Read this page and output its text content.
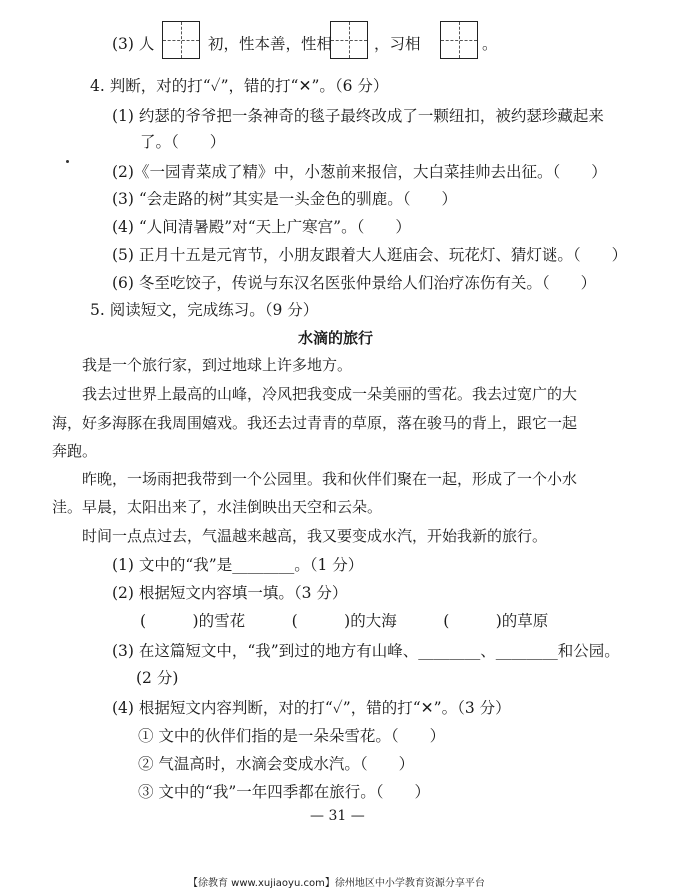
(3) 人	初，性本善，性相	，习相	。
4. 判断，对的打“✓”，错的打“✕”。（6 分）
(1) 约瑟的爷爷把一条神奇的毯子最终改成了一颗纽扣，被约瑟珍藏起来
了。（　　）
(2)《一园青菜成了精》中，小葱前来报信，大白菜挂帅去出征。（　　）
(3) “会走路的树”其实是一头金色的驯鹿。（　　）
(4) “人间清暑殿”对“天上广寒宫”。（　　）
(5) 正月十五是元宵节，小朋友跟着大人逛庙会、玩花灯、猜灯谜。（　　）
(6) 冬至吃饺子，传说与东汉名医张仲景给人们治疗冻伤有关。（　　）
5. 阅读短文，完成练习。（9 分）
水滴的旅行
我是一个旅行家，到过地球上许多地方。
我去过世界上最高的山峰，冷风把我变成一朵美丽的雪花。我去过宽广的大
海，好多海豚在我周围嬉戏。我还去过青青的草原，落在骏马的背上，跟它一起
奔跑。
昨晚，一场雨把我带到一个公园里。我和伙伴们聚在一起，形成了一个小水
洼。早晨，太阳出来了，水洼倒映出天空和云朵。
时间一点点过去，气温越来越高，我又要变成水汽，开始我新的旅行。
(1) 文中的“我”是________。（1 分）
(2) 根据短文内容填一填。（3 分）
(　　　)的雪花　　　(　　　)的大海　　　(　　　)的草原
(3) 在这篇短文中，“我”到过的地方有山峰、________、________和公园。
(2 分)
(4) 根据短文内容判断，对的打“✓”，错的打“✕”。（3 分）
① 文中的伙伴们指的是一朵朵雪花。（　　）
② 气温高时，水滴会变成水汽。（　　）
③ 文中的“我”一年四季都在旅行。（　　）
— 31 —
【徐教育 www.xujiaoyu.com】徐州地区中小学教育资源分享平台
